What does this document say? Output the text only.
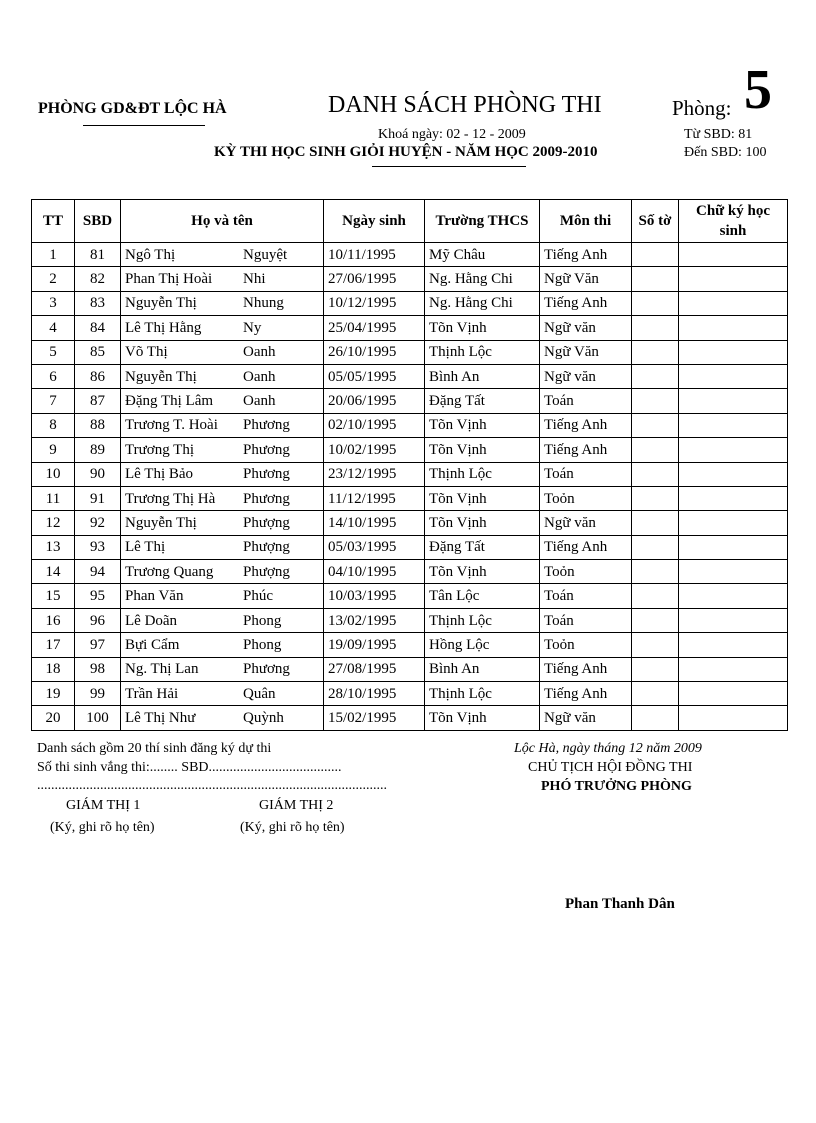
PHÒNG GD&ĐT LỘC HÀ	DANH SÁCH PHÒNG THI	Phòng: 5
Khoá ngày: 02 - 12 - 2009	Từ SBD: 81
KỲ THI HỌC SINH GIỎI HUYỆN - NĂM HỌC 2009-2010	Đến SBD: 100
TT	SBD	Họ và tên	Ngày sinh	Trường THCS	Môn thi	Số tờ	Chữ ký học sinh
1	81	Ngô Thị Nguyệt	10/11/1995	Mỹ Châu	Tiếng Anh		
2	82	Phan Thị Hoài Nhi	27/06/1995	Ng. Hằng Chi	Ngữ Văn		
3	83	Nguyễn Thị Nhung	10/12/1995	Ng. Hằng Chi	Tiếng Anh		
4	84	Lê Thị Hằng Ny	25/04/1995	Tõn Vịnh	Ngữ văn		
5	85	Võ Thị Oanh	26/10/1995	Thịnh Lộc	Ngữ Văn		
6	86	Nguyễn Thị Oanh	05/05/1995	Bình An	Ngữ văn		
7	87	Đặng Thị Lâm Oanh	20/06/1995	Đặng Tất	Toán		
8	88	Trương T. Hoài Phương	02/10/1995	Tõn Vịnh	Tiếng Anh		
9	89	Trương Thị Phương	10/02/1995	Tõn Vịnh	Tiếng Anh		
10	90	Lê Thị Bảo Phương	23/12/1995	Thịnh Lộc	Toán		
11	91	Trương Thị Hà Phương	11/12/1995	Tõn Vịnh	Toỏn		
12	92	Nguyễn Thị Phượng	14/10/1995	Tõn Vịnh	Ngữ văn		
13	93	Lê Thị Phượng	05/03/1995	Đặng Tất	Tiếng Anh		
14	94	Trương Quang Phượng	04/10/1995	Tõn Vịnh	Toỏn		
15	95	Phan Văn Phúc	10/03/1995	Tân Lộc	Toán		
16	96	Lê Doãn Phong	13/02/1995	Thịnh Lộc	Toán		
17	97	Bựi Cẩm Phong	19/09/1995	Hồng Lộc	Toỏn		
18	98	Ng. Thị Lan Phương	27/08/1995	Bình An	Tiếng Anh		
19	99	Trần Hải Quân	28/10/1995	Thịnh Lộc	Tiếng Anh		
20	100	Lê Thị Như Quỳnh	15/02/1995	Tõn Vịnh	Ngữ văn		
Danh sách gồm 20 thí sinh đăng ký dự thi
Số thi sinh vắng thi:........ SBD......................................
....................................................................................................
GIÁM THỊ 1
(Ký, ghi rõ họ tên)
GIÁM THỊ 2
(Ký, ghi rõ họ tên)
Lộc Hà, ngày tháng 12 năm 2009
CHỦ TỊCH HỘI ĐỒNG THI
PHÓ TRƯỞNG PHÒNG
Phan Thanh Dân
